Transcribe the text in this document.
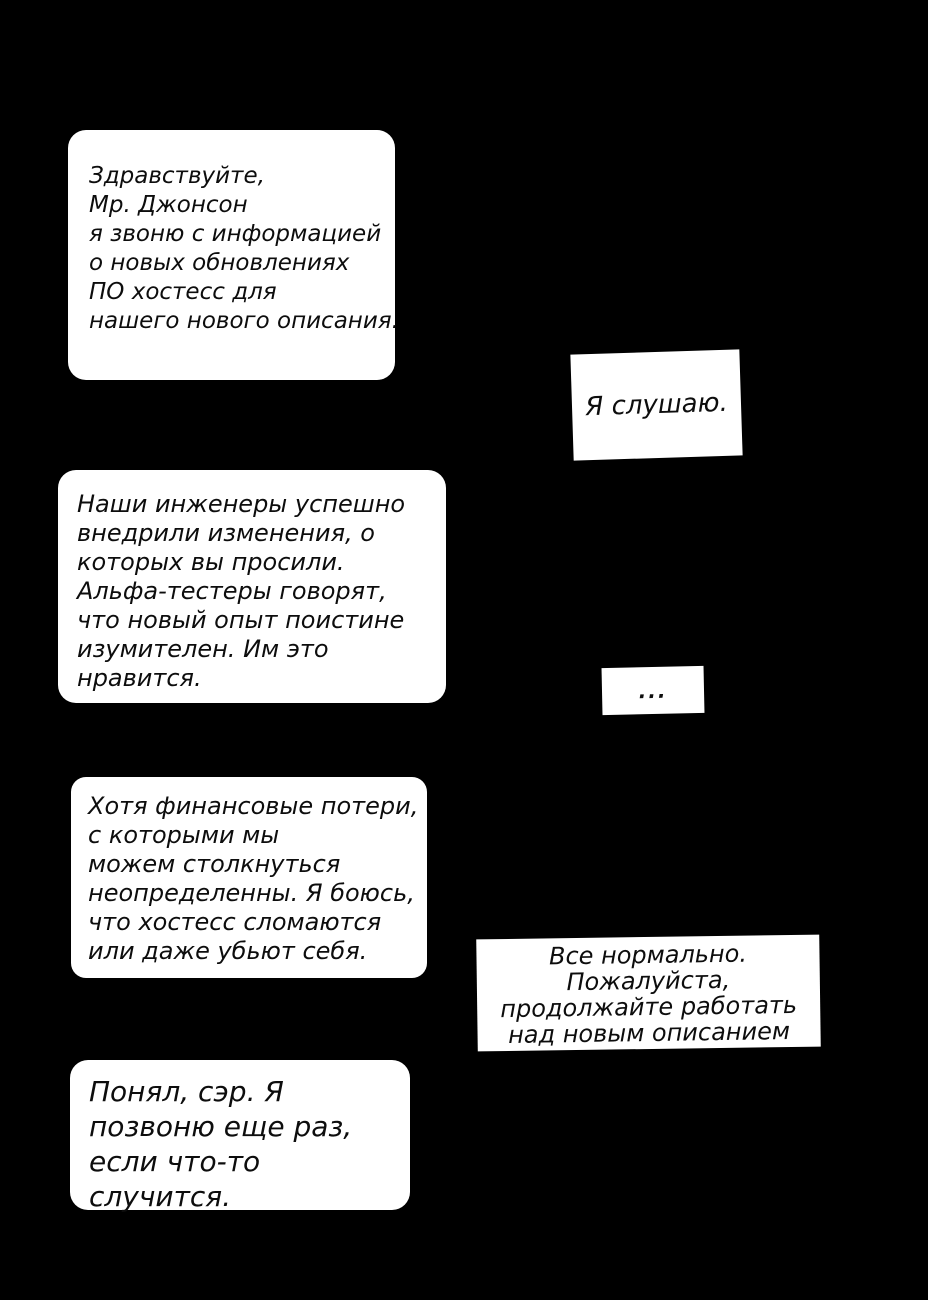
Здравствуйте,
Мр. Джонсон
я звоню с информацией
о новых обновлениях
ПО хостесс для
нашего нового описания.
Я слушаю.
Наши инженеры успешно
внедрили изменения, о
которых вы просили.
Альфа-тестеры говорят,
что новый опыт поистине
изумителен. Им это
нравится.	...
Хотя финансовые потери,
с которыми мы
можем столкнуться
неопределенны. Я боюсь,
что хостесс сломаются
или даже убьют себя.	Все нормально.
Пожалуйста,
продолжайте работать
над новым описанием
Понял, сэр. Я
позвоню еще раз,
если что-то
случится.
